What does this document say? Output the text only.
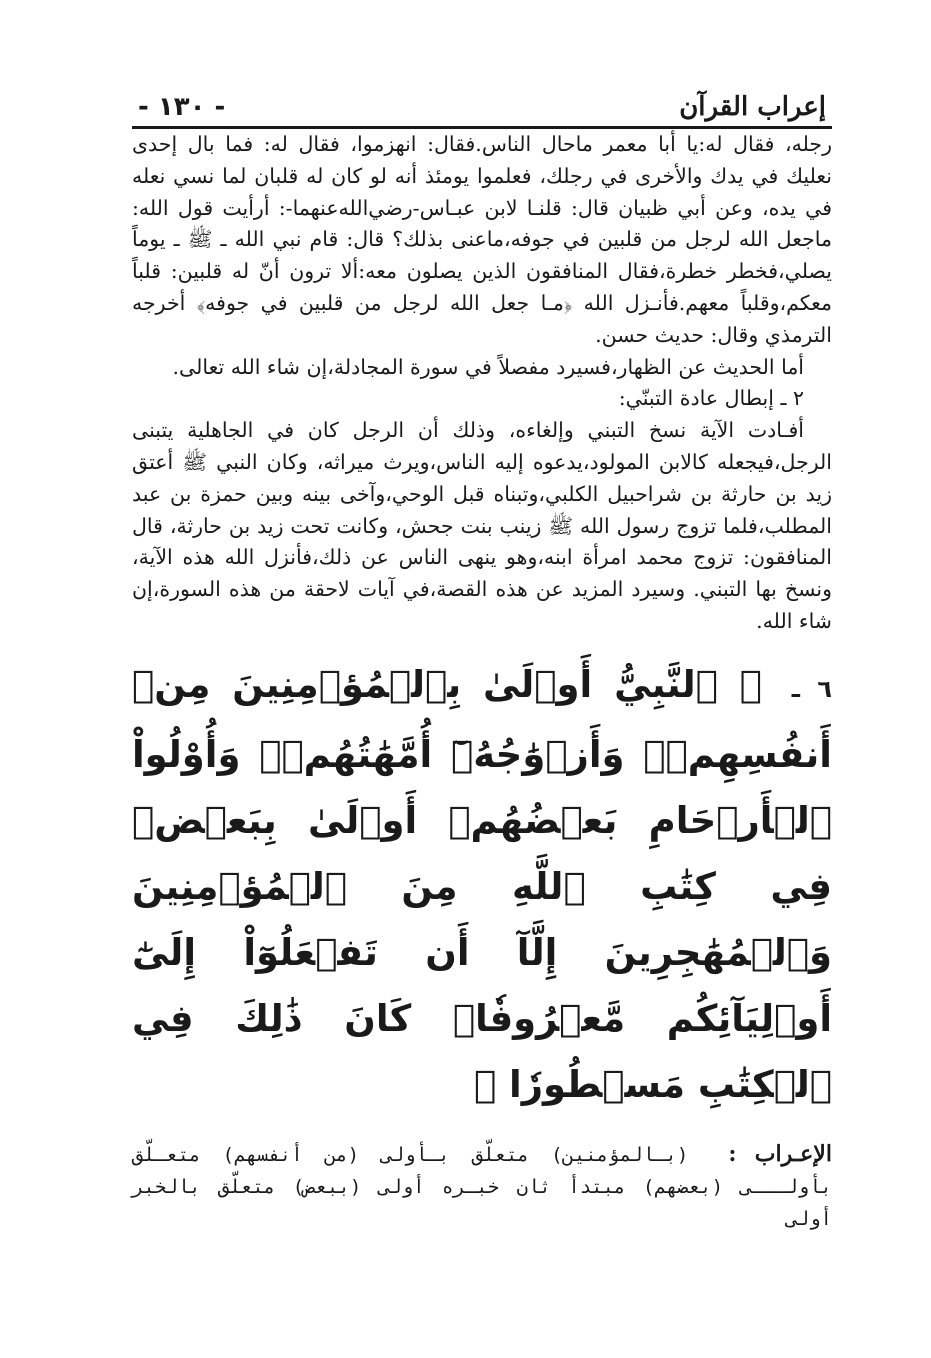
إعراب القرآن
- ١٣٠ -

رجله، فقال له:يا أبا معمر ماحال الناس.فقال: انهزموا، فقال له: فما بال إحدى نعليك في يدك والأخرى في رجلك، فعلموا يومئذ أنه لو كان له قلبان لما نسي نعله في يده، وعن أبي ظبيان قال: قلنـا لابن عبـاس-رضي‌الله‌عنهما-: أرأيت قول الله: ماجعل الله لرجل من قلبين في جوفه،ماعنى بذلك؟ قال: قام نبي الله ـ ﷺ ـ يوماً يصلي،فخطر خطرة،فقال المنافقون الذين يصلون معه:ألا ترون أنّ له قلبين: قلباً معكم،وقلباً معهم.فأنـزل الله ﴿مـا جعل الله لرجل من قلبين في جوفه﴾ أخرجه الترمذي وقال: حديث حسن.

أما الحديث عن الظهار،فسيرد مفصلاً في سورة المجادلة،إن شاء الله تعالى.

٢ ـ إبطال عادة التبنّي:

أفـادت الآية نسخ التبني وإلغاءه، وذلك أن الرجل كان في الجاهلية يتبنى الرجل،فيجعله كالابن المولود،يدعوه إليه الناس،ويرث ميراثه، وكان النبي ﷺ أعتق زيد بن حارثة بن شراحبيل الكلبي،وتبناه قبل الوحي،وآخى بينه وبين حمزة بن عبد المطلب،فلما تزوج رسول الله ﷺ زينب بنت جحش، وكانت تحت زيد بن حارثة، قال المنافقون: تزوج محمد امرأة ابنه،وهو ينهى الناس عن ذلك،فأنزل الله هذه الآية، ونسخ بها التبني. وسيرد المزيد عن هذه القصة،في آيات لاحقة من هذه السورة،إن شاء الله.

٦ ـ ﴿ ٱلنَّبِيُّ أَوۡلَىٰ بِٱلۡمُؤۡمِنِينَ مِنۡ أَنفُسِهِمۡۖ وَأَزۡوَٰجُهُۥٓ أُمَّهَٰتُهُمۡۗ وَأُوْلُواْ ٱلۡأَرۡحَامِ بَعۡضُهُمۡ أَوۡلَىٰ بِبَعۡضٖ فِي كِتَٰبِ ٱللَّهِ مِنَ ٱلۡمُؤۡمِنِينَ وَٱلۡمُهَٰجِرِينَ إِلَّآ أَن تَفۡعَلُوٓاْ إِلَىٰٓ أَوۡلِيَآئِكُم مَّعۡرُوفٗاۚ كَانَ ذَٰلِكَ فِي ٱلۡكِتَٰبِ مَسۡطُورٗا ﴾
الإعـراب : (بـالمؤمنين) متعلّق بـأولى (من أنفسهم) متعـلّق بأولـــى (بعضهم) مبتدأ ثان خبـره أولى (ببعض) متعلّق بالخبر أولى
